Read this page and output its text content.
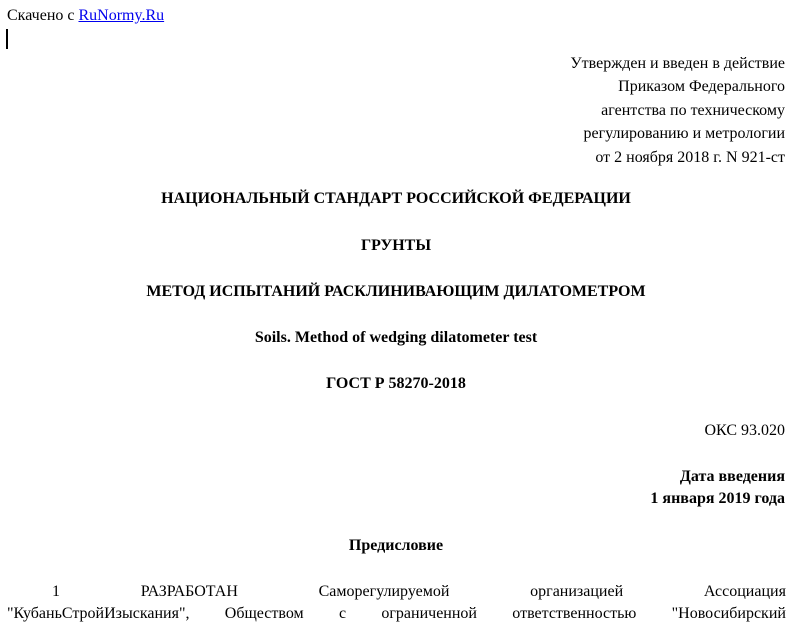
Скачено с RuNormy.Ru
Утвержден и введен в действие
Приказом Федерального
агентства по техническому
регулированию и метрологии
от 2 ноября 2018 г. N 921-ст
НАЦИОНАЛЬНЫЙ СТАНДАРТ РОССИЙСКОЙ ФЕДЕРАЦИИ
ГРУНТЫ
МЕТОД ИСПЫТАНИЙ РАСКЛИНИВАЮЩИМ ДИЛАТОМЕТРОМ
Soils. Method of wedging dilatometer test
ГОСТ Р 58270-2018
ОКС 93.020
Дата введения
1 января 2019 года
Предисловие
1	РАЗРАБОТАН	Саморегулируемой	организацией	Ассоциация
"КубаньСтройИзыскания", Обществом с ограниченной ответственностью "Новосибирский
